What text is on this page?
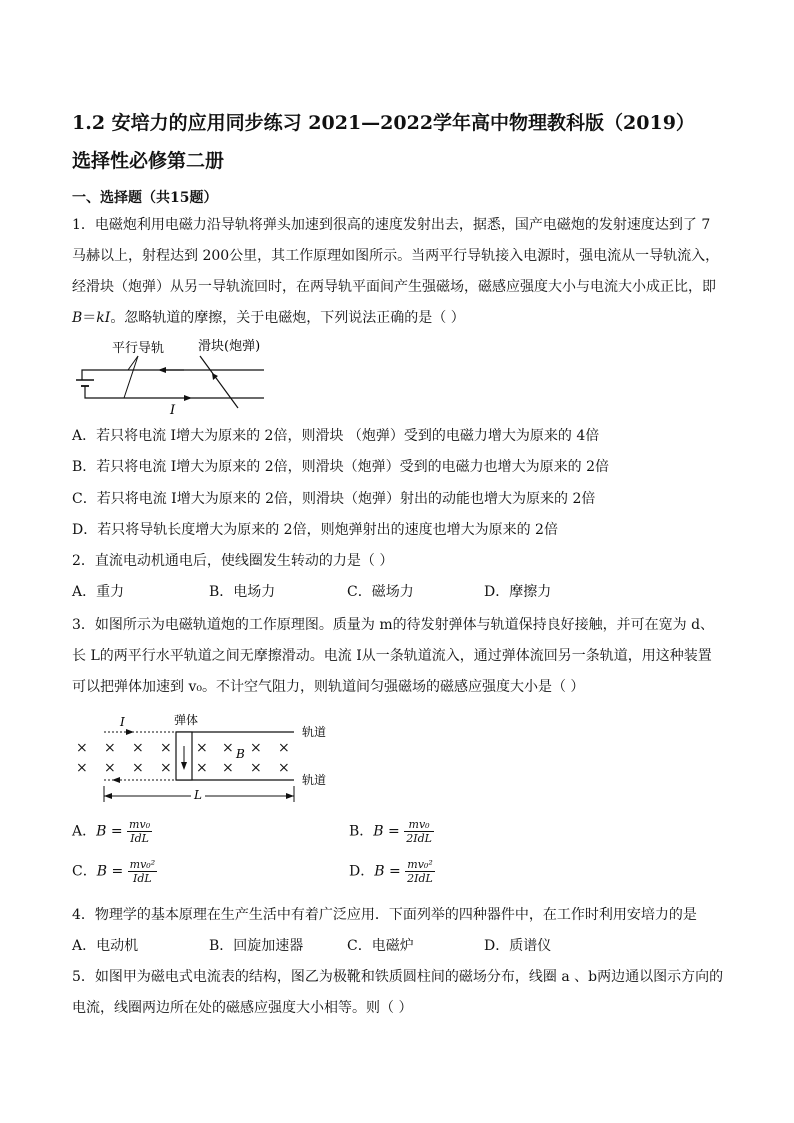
1.2 安培力的应用同步练习 2021—2022学年高中物理教科版（2019）
选择性必修第二册
一、选择题（共15题）
1．电磁炮利用电磁力沿导轨将弹头加速到很高的速度发射出去，据悉，国产电磁炮的发射速度达到了 7
马赫以上，射程达到 200公里，其工作原理如图所示。当两平行导轨接入电源时，强电流从一导轨流入，
经滑块（炮弹）从另一导轨流回时，在两导轨平面间产生强磁场，磁感应强度大小与电流大小成正比，即
B＝kI。忽略轨道的摩擦，关于电磁炮，下列说法正确的是（ ）
平行导轨	滑块(炮弹)
I
A．若只将电流 I增大为原来的 2倍，则滑块 （炮弹）受到的电磁力增大为原来的 4倍
B．若只将电流 I增大为原来的 2倍，则滑块（炮弹）受到的电磁力也增大为原来的 2倍
C．若只将电流 I增大为原来的 2倍，则滑块（炮弹）射出的动能也增大为原来的 2倍
D．若只将导轨长度增大为原来的 2倍，则炮弹射出的速度也增大为原来的 2倍
2．直流电动机通电后，使线圈发生转动的力是（ ）
A．重力	B．电场力	C．磁场力	D．摩擦力
3．如图所示为电磁轨道炮的工作原理图。质量为 m的待发射弹体与轨道保持良好接触，并可在宽为 d、
长 L的两平行水平轨道之间无摩擦滑动。电流 I从一条轨道流入，通过弹体流回另一条轨道，用这种装置
可以把弹体加速到 v₀。不计空气阻力，则轨道间匀强磁场的磁感应强度大小是（ ）
I	弹体
轨道
轨道
× × × × × × × ×
× × × × × × × ×
B
L
A．$B = \frac{\text{mv₀}}{\text{IdL}}$	B．$B = \frac{\text{mv₀}}{\text{2IdL}}$
C．$B = \frac{\text{mv₀²}}{\text{IdL}}$	D．$B = \frac{\text{mv₀²}}{\text{2IdL}}$
4．物理学的基本原理在生产生活中有着广泛应用．下面列举的四种器件中，在工作时利用安培力的是
A．电动机	B．回旋加速器	C．电磁炉	D．质谱仪
5．如图甲为磁电式电流表的结构，图乙为极靴和铁质圆柱间的磁场分布，线圈 a 、b两边通以图示方向的
电流，线圈两边所在处的磁感应强度大小相等。则（ ）
